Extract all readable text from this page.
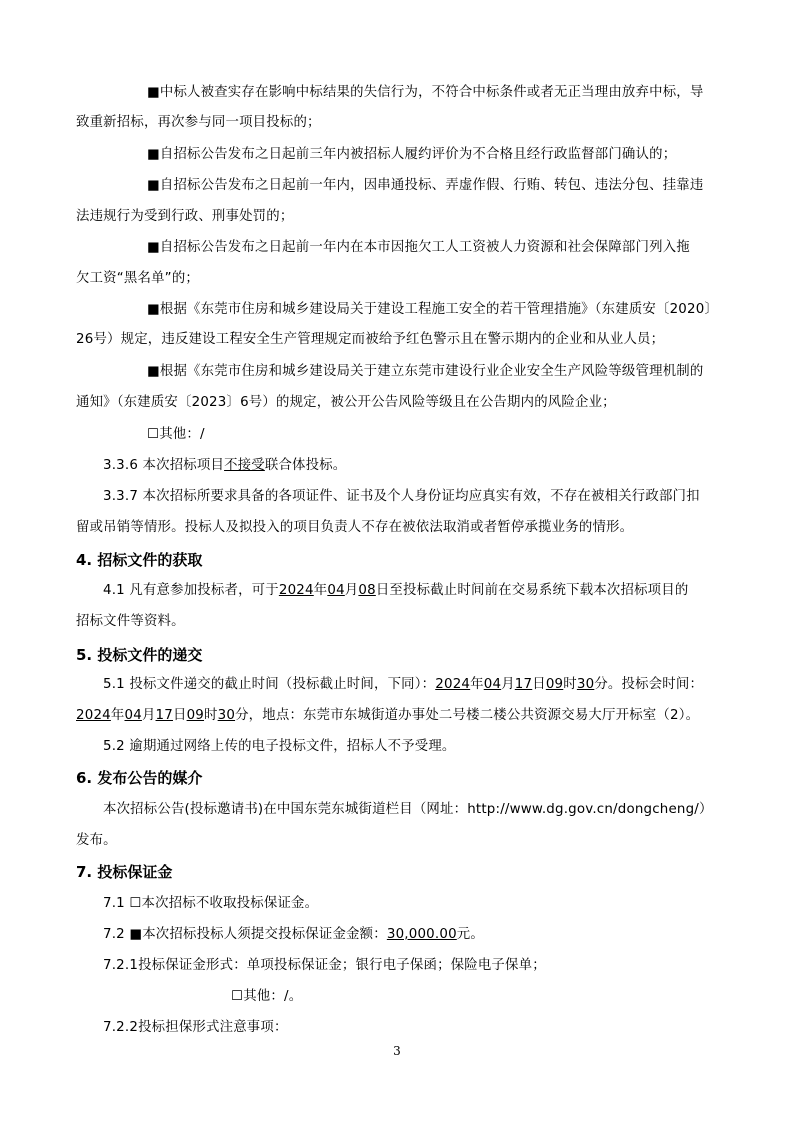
■中标人被查实存在影响中标结果的失信行为，不符合中标条件或者无正当理由放弃中标，导
致重新招标，再次参与同一项目投标的；
■自招标公告发布之日起前三年内被招标人履约评价为不合格且经行政监督部门确认的；
■自招标公告发布之日起前一年内，因串通投标、弄虚作假、行贿、转包、违法分包、挂靠违
法违规行为受到行政、刑事处罚的；
■自招标公告发布之日起前一年内在本市因拖欠工人工资被人力资源和社会保障部门列入拖
欠工资“黑名单”的；
■根据《东莞市住房和城乡建设局关于建设工程施工安全的若干管理措施》（东建质安〔2020〕
26号）规定，违反建设工程安全生产管理规定而被给予红色警示且在警示期内的企业和从业人员；
■根据《东莞市住房和城乡建设局关于建立东莞市建设行业企业安全生产风险等级管理机制的
通知》（东建质安〔2023〕6号）的规定，被公开公告风险等级且在公告期内的风险企业；
☐其他：/
3.3.6 本次招标项目不接受联合体投标。
3.3.7 本次招标所要求具备的各项证件、证书及个人身份证均应真实有效，不存在被相关行政部门扣
留或吊销等情形。投标人及拟投入的项目负责人不存在被依法取消或者暂停承揽业务的情形。
4. 招标文件的获取
4.1 凡有意参加投标者，可于2024年04月08日至投标截止时间前在交易系统下载本次招标项目的
招标文件等资料。
5. 投标文件的递交
5.1 投标文件递交的截止时间（投标截止时间，下同）：2024年04月17日09时30分。投标会时间：
2024年04月17日09时30分，地点：东莞市东城街道办事处二号楼二楼公共资源交易大厅开标室（2）。
5.2 逾期通过网络上传的电子投标文件，招标人不予受理。
6. 发布公告的媒介
本次招标公告(投标邀请书)在中国东莞东城街道栏目（网址：http://www.dg.gov.cn/dongcheng/）
发布。
7. 投标保证金
7.1 ☐本次招标不收取投标保证金。
7.2 ■本次招标投标人须提交投标保证金金额：30,000.00元。
7.2.1投标保证金形式：单项投标保证金；银行电子保函；保险电子保单；
☐其他：/。
7.2.2投标担保形式注意事项：
3
